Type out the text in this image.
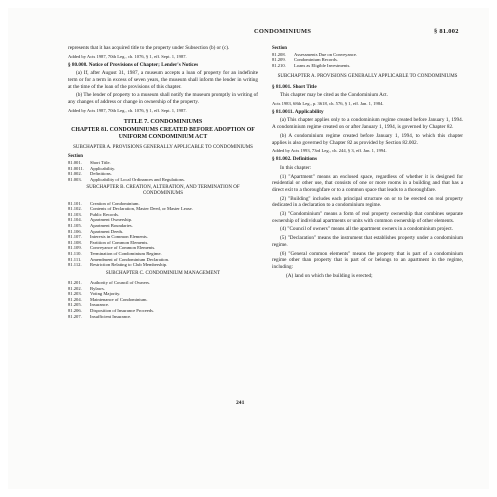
CONDOMINIUMS	§ 81.002

represents that it has acquired title to the property under Subsection (b) or (c).

Added by Acts 1987, 70th Leg., ch. 1076, § 1, eff. Sept. 1, 1987.

§ 80.008. Notice of Provisions of Chapter; Lender's Notices

(a) If, after August 31, 1987, a museum accepts a loan of property for an indefinite term or for a term in excess of seven years, the museum shall inform the lender in writing at the time of the loan of the provisions of this chapter.

(b) The lender of property to a museum shall notify the museum promptly in writing of any changes of address or change in ownership of the property.

Added by Acts 1987, 70th Leg., ch. 1076, § 1, eff. Sept. 1, 1987.

TITLE 7. CONDOMINIUMS
CHAPTER 81. CONDOMINIUMS CREATED BEFORE ADOPTION OF UNIFORM CONDOMINIUM ACT
SUBCHAPTER A. PROVISIONS GENERALLY APPLICABLE TO CONDOMINIUMS
Section
81.001.	Short Title.
81.0011.	Applicability.
81.002.	Definitions.
81.003.	Applicability of Local Ordinances and Regulations.
SUBCHAPTER B. CREATION, ALTERATION, AND TERMINATION OF CONDOMINIUMS
81.101.	Creation of Condominium.
81.102.	Contents of Declaration, Master Deed, or Master Lease.
81.103.	Public Records.
81.104.	Apartment Ownership.
81.105.	Apartment Boundaries.
81.106.	Apartment Deeds.
81.107.	Interests in Common Elements.
81.108.	Partition of Common Elements.
81.109.	Conveyance of Common Elements.
81.110.	Termination of Condominium Regime.
81.111.	Amendment of Condominium Declaration.
81.112.	Restriction Relating to Club Membership.
SUBCHAPTER C. CONDOMINIUM MANAGEMENT
81.201.	Authority of Council of Owners.
81.202.	Bylaws.
81.203.	Voting Majority.
81.204.	Maintenance of Condominium.
81.205.	Insurance.
81.206.	Disposition of Insurance Proceeds.
81.207.	Insufficient Insurance.
Section
81.208.	Assessments Due on Conveyance.
81.209.	Condominium Records.
81.210.	Loans as Eligible Investments.
SUBCHAPTER A. PROVISIONS GENERALLY APPLICABLE TO CONDOMINIUMS

§ 81.001. Short Title

This chapter may be cited as the Condominium Act.

Acts 1983, 68th Leg., p. 3618, ch. 576, § 1, eff. Jan. 1, 1984.

§ 81.0011. Applicability

(a) This chapter applies only to a condominium regime created before January 1, 1994. A condominium regime created on or after January 1, 1994, is governed by Chapter 82.

(b) A condominium regime created before January 1, 1994, to which this chapter applies is also governed by Chapter 82 as provided by Section 82.002.

Added by Acts 1993, 73rd Leg., ch. 244, § 3, eff. Jan. 1, 1994.

§ 81.002. Definitions

In this chapter:

(1) "Apartment" means an enclosed space, regardless of whether it is designed for residential or other use, that consists of one or more rooms in a building and that has a direct exit to a thoroughfare or to a common space that leads to a thoroughfare.

(2) "Building" includes each principal structure on or to be erected on real property dedicated in a declaration to a condominium regime.

(3) "Condominium" means a form of real property ownership that combines separate ownership of individual apartments or units with common ownership of other elements.

(4) "Council of owners" means all the apartment owners in a condominium project.

(5) "Declaration" means the instrument that establishes property under a condominium regime.

(6) "General common elements" means the property that is part of a condominium regime other than property that is part of or belongs to an apartment in the regime, including:

(A) land on which the building is erected;

241
